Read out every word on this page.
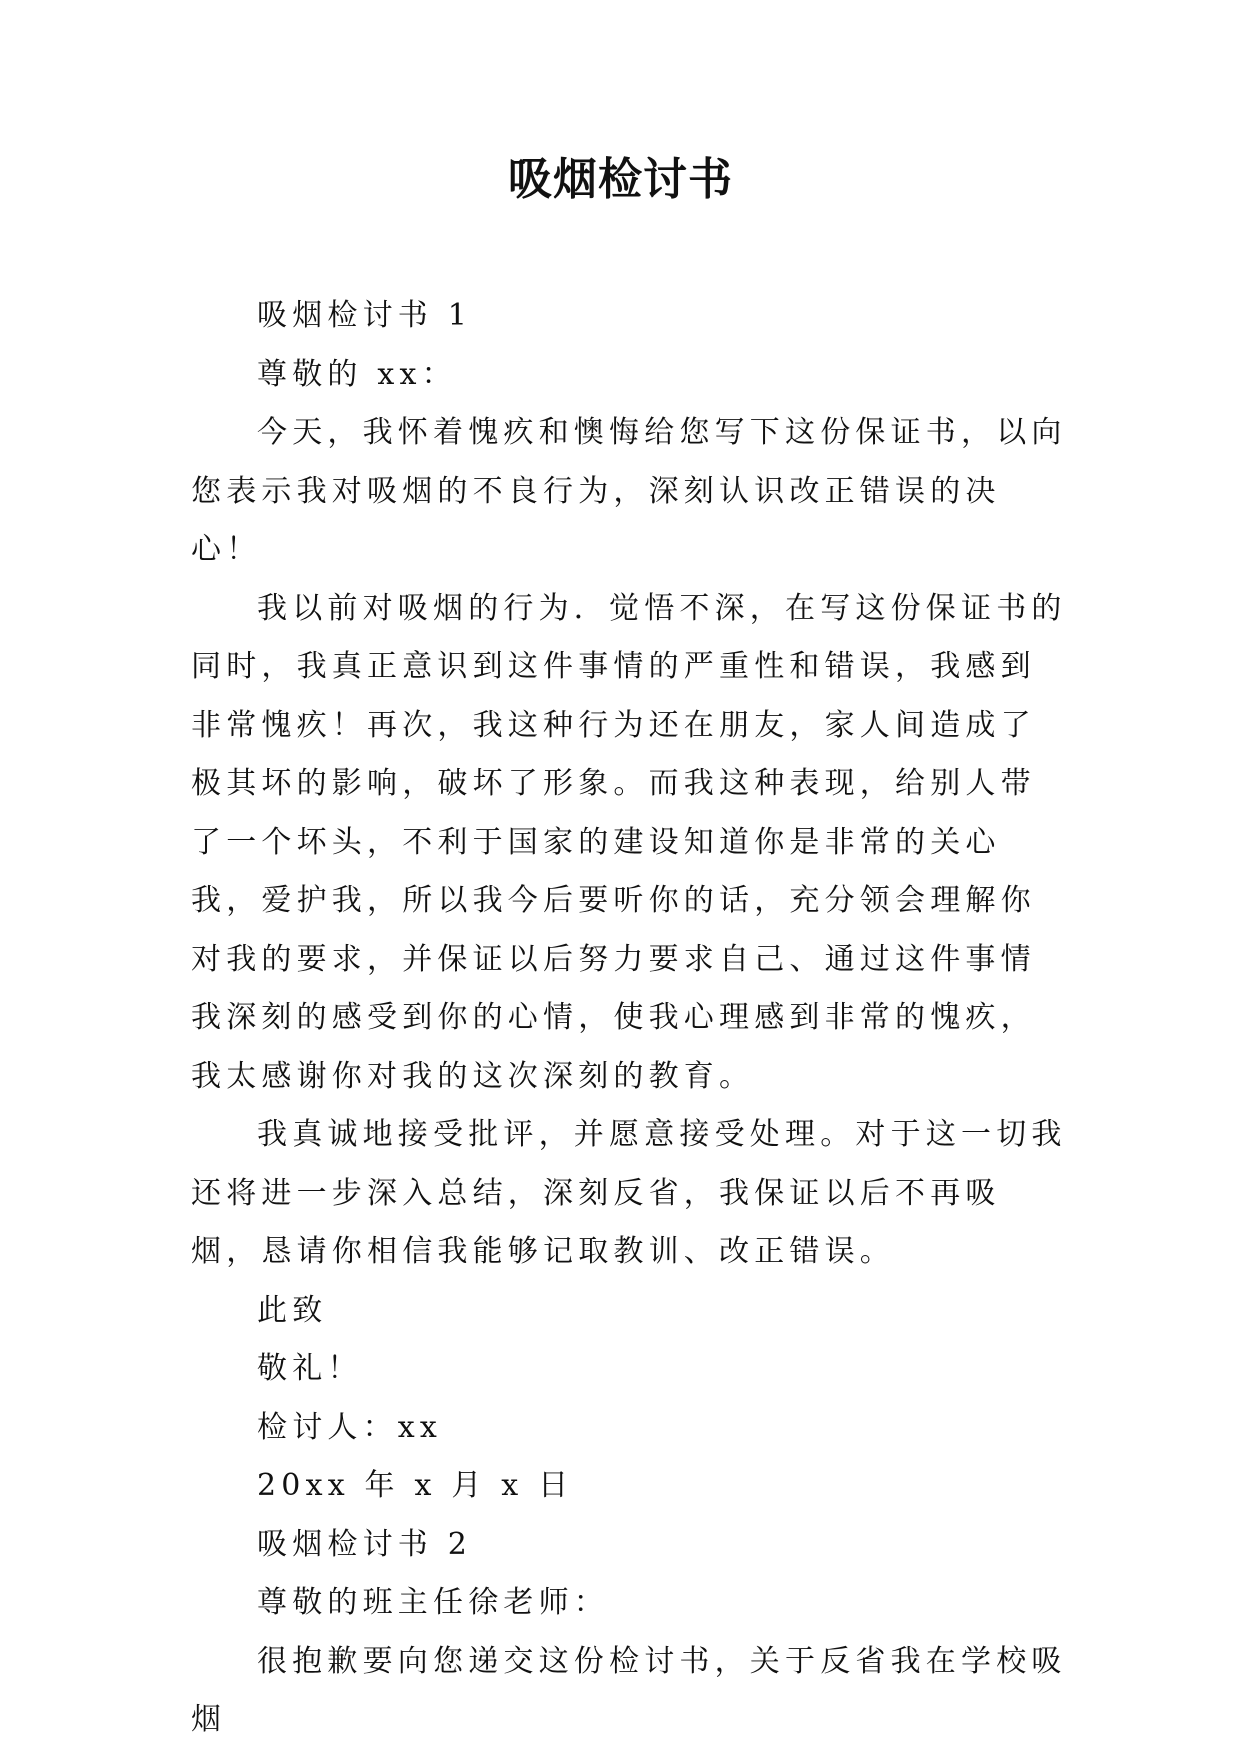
吸烟检讨书

吸烟检讨书 1

尊敬的 xx：

今天，我怀着愧疚和懊悔给您写下这份保证书，以向您表示我对吸烟的不良行为，深刻认识改正错误的决心！

我以前对吸烟的行为．觉悟不深，在写这份保证书的同时，我真正意识到这件事情的严重性和错误，我感到非常愧疚！再次，我这种行为还在朋友，家人间造成了极其坏的影响，破坏了形象。而我这种表现，给别人带了一个坏头，不利于国家的建设知道你是非常的关心我，爱护我，所以我今后要听你的话，充分领会理解你对我的要求，并保证以后努力要求自己、通过这件事情我深刻的感受到你的心情，使我心理感到非常的愧疚，我太感谢你对我的这次深刻的教育。

我真诚地接受批评，并愿意接受处理。对于这一切我还将进一步深入总结，深刻反省，我保证以后不再吸烟，恳请你相信我能够记取教训、改正错误。

此致

敬礼！

检讨人：xx

20xx 年 x 月 x 日

吸烟检讨书 2

尊敬的班主任徐老师：

很抱歉要向您递交这份检讨书，关于反省我在学校吸烟
